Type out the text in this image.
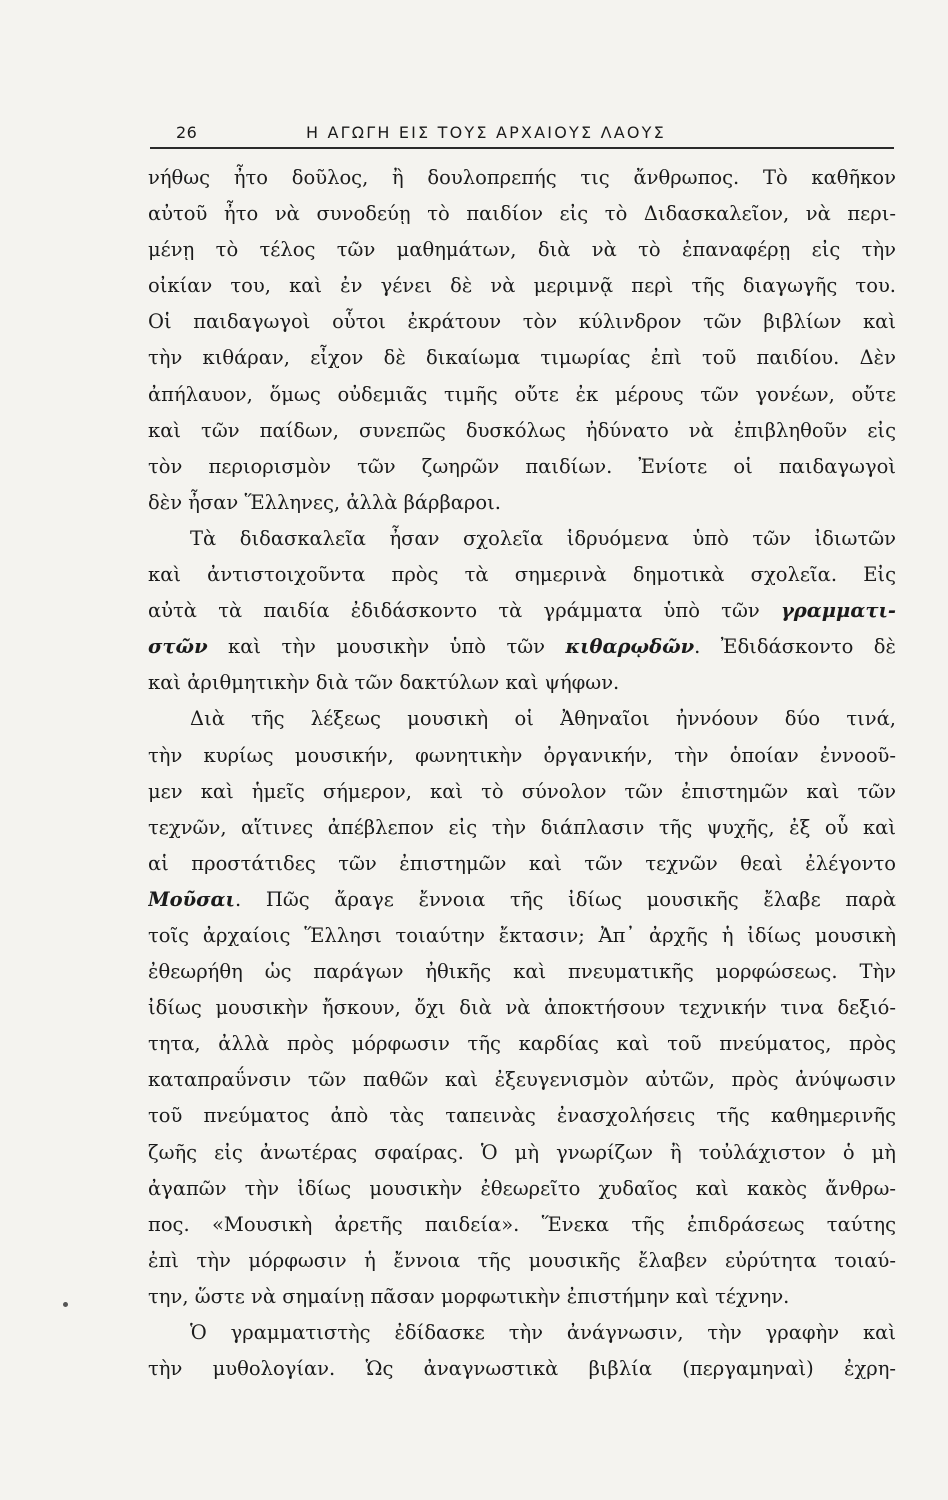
26	Η ΑΓΩΓΗ ΕΙΣ ΤΟΥΣ ΑΡΧΑΙΟΥΣ ΛΑΟΥΣ
νήθως ἦτο δοῦλος, ἢ δουλοπρεπής τις ἄνθρωπος. Τὸ καθῆκον
αὐτοῦ ἦτο νὰ συνοδεύῃ τὸ παιδίον εἰς τὸ Διδασκαλεῖον, νὰ περι-
μένῃ τὸ τέλος τῶν μαθημάτων, διὰ νὰ τὸ ἐπαναφέρῃ εἰς τὴν
οἰκίαν του, καὶ ἐν γένει δὲ νὰ μεριμνᾷ περὶ τῆς διαγωγῆς του.
Οἱ παιδαγωγοὶ οὗτοι ἐκράτουν τὸν κύλινδρον τῶν βιβλίων καὶ
τὴν κιθάραν, εἶχον δὲ δικαίωμα τιμωρίας ἐπὶ τοῦ παιδίου. Δὲν
ἀπήλαυον, ὅμως οὐδεμιᾶς τιμῆς οὔτε ἐκ μέρους τῶν γονέων, οὔτε
καὶ τῶν παίδων, συνεπῶς δυσκόλως ἠδύνατο νὰ ἐπιβληθοῦν εἰς
τὸν περιορισμὸν τῶν ζωηρῶν παιδίων. Ἐνίοτε οἱ παιδαγωγοὶ
δὲν ἦσαν Ἕλληνες, ἀλλὰ βάρβαροι.
Τὰ διδασκαλεῖα ἦσαν σχολεῖα ἱδρυόμενα ὑπὸ τῶν ἰδιωτῶν
καὶ ἀντιστοιχοῦντα πρὸς τὰ σημερινὰ δημοτικὰ σχολεῖα. Εἰς
αὐτὰ τὰ παιδία ἐδιδάσκοντο τὰ γράμματα ὑπὸ τῶν γραμματι-
στῶν καὶ τὴν μουσικὴν ὑπὸ τῶν κιθαρῳδῶν. Ἐδιδάσκοντο δὲ
καὶ ἀριθμητικὴν διὰ τῶν δακτύλων καὶ ψήφων.
Διὰ τῆς λέξεως μουσικὴ οἱ Ἀθηναῖοι ἠννόουν δύο τινά,
τὴν κυρίως μουσικήν, φωνητικὴν ὀργανικήν, τὴν ὁποίαν ἐννοοῦ-
μεν καὶ ἡμεῖς σήμερον, καὶ τὸ σύνολον τῶν ἐπιστημῶν καὶ τῶν
τεχνῶν, αἵτινες ἀπέβλεπον εἰς τὴν διάπλασιν τῆς ψυχῆς, ἐξ οὗ καὶ
αἱ προστάτιδες τῶν ἐπιστημῶν καὶ τῶν τεχνῶν θεαὶ ἐλέγοντο
Μοῦσαι. Πῶς ἄραγε ἔννοια τῆς ἰδίως μουσικῆς ἔλαβε παρὰ
τοῖς ἀρχαίοις Ἕλλησι τοιαύτην ἔκτασιν; Ἀπ᾽ ἀρχῆς ἡ ἰδίως μουσικὴ
ἐθεωρήθη ὡς παράγων ἠθικῆς καὶ πνευματικῆς μορφώσεως. Τὴν
ἰδίως μουσικὴν ἤσκουν, ὄχι διὰ νὰ ἀποκτήσουν τεχνικήν τινα δεξιό-
τητα, ἀλλὰ πρὸς μόρφωσιν τῆς καρδίας καὶ τοῦ πνεύματος, πρὸς
καταπραΰνσιν τῶν παθῶν καὶ ἐξευγενισμὸν αὐτῶν, πρὸς ἀνύψωσιν
τοῦ πνεύματος ἀπὸ τὰς ταπεινὰς ἐνασχολήσεις τῆς καθημερινῆς
ζωῆς εἰς ἀνωτέρας σφαίρας. Ὁ μὴ γνωρίζων ἢ τοὐλάχιστον ὁ μὴ
ἀγαπῶν τὴν ἰδίως μουσικὴν ἐθεωρεῖτο χυδαῖος καὶ κακὸς ἄνθρω-
πος. «Μουσικὴ ἀρετῆς παιδεία». Ἕνεκα τῆς ἐπιδράσεως ταύτης
ἐπὶ τὴν μόρφωσιν ἡ ἔννοια τῆς μουσικῆς ἔλαβεν εὐρύτητα τοιαύ-
την, ὥστε νὰ σημαίνῃ πᾶσαν μορφωτικὴν ἐπιστήμην καὶ τέχνην.
Ὁ γραμματιστὴς ἐδίδασκε τὴν ἀνάγνωσιν, τὴν γραφὴν καὶ
τὴν μυθολογίαν. Ὡς ἀναγνωστικὰ βιβλία (περγαμηναὶ) ἐχρη-
